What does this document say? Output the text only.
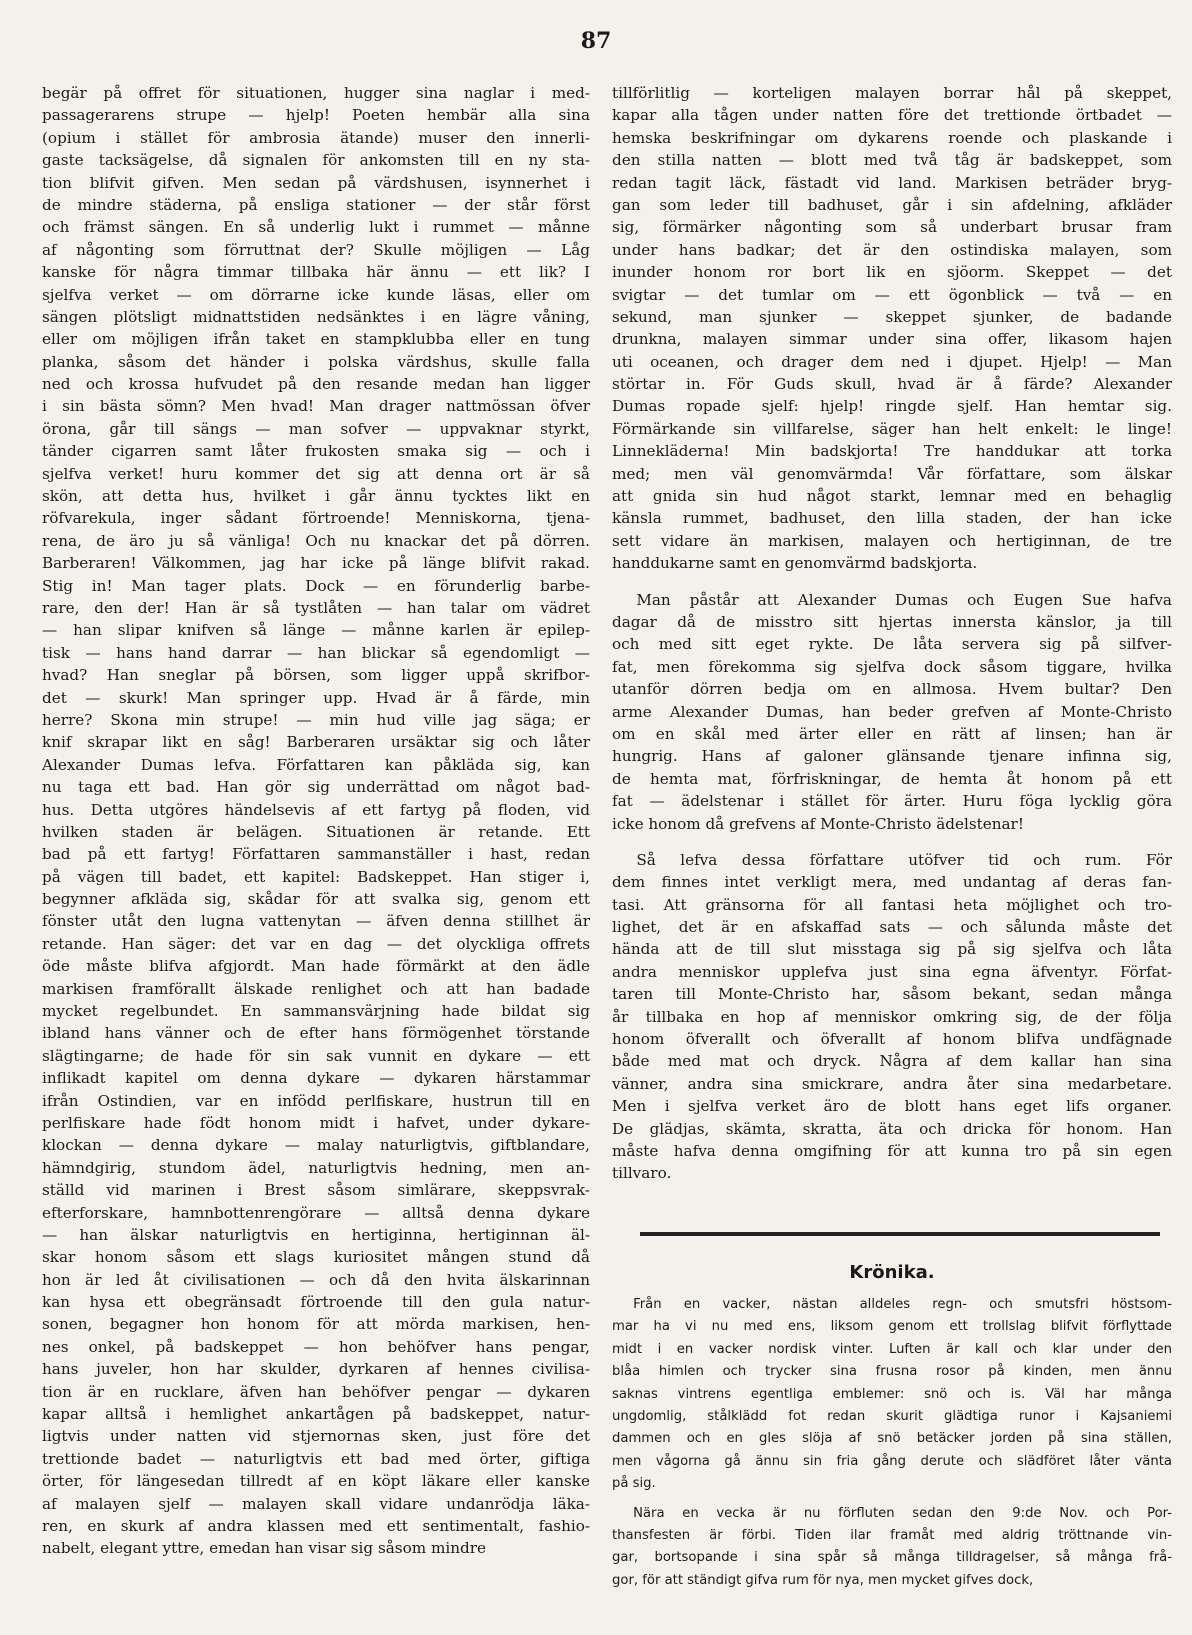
87
begär på offret för situationen, hugger sina naglar i med-
passagerarens strupe — hjelp! Poeten hembär alla sina
(opium i stället för ambrosia ätande) muser den innerli-
gaste tacksägelse, då signalen för ankomsten till en ny sta-
tion blifvit gifven. Men sedan på värdshusen, isynnerhet i
de mindre städerna, på ensliga stationer — der står först
och främst sängen. En så underlig lukt i rummet — månne
af någonting som förruttnat der? Skulle möjligen — Låg
kanske för några timmar tillbaka här ännu — ett lik? I
sjelfva verket — om dörrarne icke kunde läsas, eller om
sängen plötsligt midnattstiden nedsänktes i en lägre våning,
eller om möjligen ifrån taket en stampklubba eller en tung
planka, såsom det händer i polska värdshus, skulle falla
ned och krossa hufvudet på den resande medan han ligger
i sin bästa sömn? Men hvad! Man drager nattmössan öfver
örona, går till sängs — man sofver — uppvaknar styrkt,
tänder cigarren samt låter frukosten smaka sig — och i
sjelfva verket! huru kommer det sig att denna ort är så
skön, att detta hus, hvilket i går ännu tycktes likt en
röfvarekula, inger sådant förtroende! Menniskorna, tjena-
rena, de äro ju så vänliga! Och nu knackar det på dörren.
Barberaren! Välkommen, jag har icke på länge blifvit rakad.
Stig in! Man tager plats. Dock — en förunderlig barbe-
rare, den der! Han är så tystlåten — han talar om vädret
— han slipar knifven så länge — månne karlen är epilep-
tisk — hans hand darrar — han blickar så egendomligt —
hvad? Han sneglar på börsen, som ligger uppå skrifbor-
det — skurk! Man springer upp. Hvad är å färde, min
herre? Skona min strupe! — min hud ville jag säga; er
knif skrapar likt en såg! Barberaren ursäktar sig och låter
Alexander Dumas lefva. Författaren kan påkläda sig, kan
nu taga ett bad. Han gör sig underrättad om något bad-
hus. Detta utgöres händelsevis af ett fartyg på floden, vid
hvilken staden är belägen. Situationen är retande. Ett
bad på ett fartyg! Författaren sammanställer i hast, redan
på vägen till badet, ett kapitel: Badskeppet. Han stiger i,
begynner afkläda sig, skådar för att svalka sig, genom ett
fönster utåt den lugna vattenytan — äfven denna stillhet är
retande. Han säger: det var en dag — det olyckliga offrets
öde måste blifva afgjordt. Man hade förmärkt at den ädle
markisen framförallt älskade renlighet och att han badade
mycket regelbundet. En sammansvärjning hade bildat sig
ibland hans vänner och de efter hans förmögenhet törstande
slägtingarne; de hade för sin sak vunnit en dykare — ett
inflikadt kapitel om denna dykare — dykaren härstammar
ifrån Ostindien, var en infödd perlfiskare, hustrun till en
perlfiskare hade födt honom midt i hafvet, under dykare-
klockan — denna dykare — malay naturligtvis, giftblandare,
hämndgirig, stundom ädel, naturligtvis hedning, men an-
ställd vid marinen i Brest såsom simlärare, skeppsvrak-
efterforskare, hamnbottenrengörare — alltså denna dykare
— han älskar naturligtvis en hertiginna, hertiginnan äl-
skar honom såsom ett slags kuriositet mången stund då
hon är led åt civilisationen — och då den hvita älskarinnan
kan hysa ett obegränsadt förtroende till den gula natur-
sonen, begagner hon honom för att mörda markisen, hen-
nes onkel, på badskeppet — hon behöfver hans pengar,
hans juveler, hon har skulder, dyrkaren af hennes civilisa-
tion är en rucklare, äfven han behöfver pengar — dykaren
kapar alltså i hemlighet ankartågen på badskeppet, natur-
ligtvis under natten vid stjernornas sken, just före det
trettionde badet — naturligtvis ett bad med örter, giftiga
örter, för längesedan tillredt af en köpt läkare eller kanske
af malayen sjelf — malayen skall vidare undanrödja läka-
ren, en skurk af andra klassen med ett sentimentalt, fashio-
nabelt, elegant yttre, emedan han visar sig såsom mindre
tillförlitlig — korteligen malayen borrar hål på skeppet,
kapar alla tågen under natten före det trettionde örtbadet —
hemska beskrifningar om dykarens roende och plaskande i
den stilla natten — blott med två tåg är badskeppet, som
redan tagit läck, fästadt vid land. Markisen beträder bryg-
gan som leder till badhuset, går i sin afdelning, afkläder
sig, förmärker någonting som så underbart brusar fram
under hans badkar; det är den ostindiska malayen, som
inunder honom ror bort lik en sjöorm. Skeppet — det
svigtar — det tumlar om — ett ögonblick — två — en
sekund, man sjunker — skeppet sjunker, de badande
drunkna, malayen simmar under sina offer, likasom hajen
uti oceanen, och drager dem ned i djupet. Hjelp! — Man
störtar in. För Guds skull, hvad är å färde? Alexander
Dumas ropade sjelf: hjelp! ringde sjelf. Han hemtar sig.
Förmärkande sin villfarelse, säger han helt enkelt: le linge!
Linnekläderna! Min badskjorta! Tre handdukar att torka
med; men väl genomvärmda! Vår författare, som älskar
att gnida sin hud något starkt, lemnar med en behaglig
känsla rummet, badhuset, den lilla staden, der han icke
sett vidare än markisen, malayen och hertiginnan, de tre
handdukarne samt en genomvärmd badskjorta.
Man påstår att Alexander Dumas och Eugen Sue hafva
dagar då de misstro sitt hjertas innersta känslor, ja till
och med sitt eget rykte. De låta servera sig på silfver-
fat, men förekomma sig sjelfva dock såsom tiggare, hvilka
utanför dörren bedja om en allmosa. Hvem bultar? Den
arme Alexander Dumas, han beder grefven af Monte-Christo
om en skål med ärter eller en rätt af linsen; han är
hungrig. Hans af galoner glänsande tjenare infinna sig,
de hemta mat, förfriskningar, de hemta åt honom på ett
fat — ädelstenar i stället för ärter. Huru föga lycklig göra
icke honom då grefvens af Monte-Christo ädelstenar!
Så lefva dessa författare utöfver tid och rum. För
dem finnes intet verkligt mera, med undantag af deras fan-
tasi. Att gränsorna för all fantasi heta möjlighet och tro-
lighet, det är en afskaffad sats — och sålunda måste det
hända att de till slut misstaga sig på sig sjelfva och låta
andra menniskor upplefva just sina egna äfventyr. Förfat-
taren till Monte-Christo har, såsom bekant, sedan många
år tillbaka en hop af menniskor omkring sig, de der följa
honom öfverallt och öfverallt af honom blifva undfägnade
både med mat och dryck. Några af dem kallar han sina
vänner, andra sina smickrare, andra åter sina medarbetare.
Men i sjelfva verket äro de blott hans eget lifs organer.
De glädjas, skämta, skratta, äta och dricka för honom. Han
måste hafva denna omgifning för att kunna tro på sin egen
tillvaro.
Krönika.
Från en vacker, nästan alldeles regn- och smutsfri höstsom-
mar ha vi nu med ens, liksom genom ett trollslag blifvit förflyttade
midt i en vacker nordisk vinter. Luften är kall och klar under den
blåa himlen och trycker sina frusna rosor på kinden, men ännu
saknas vintrens egentliga emblemer: snö och is. Väl har många
ungdomlig, stålklädd fot redan skurit glädtiga runor i Kajsaniemi
dammen och en gles slöja af snö betäcker jorden på sina ställen,
men vågorna gå ännu sin fria gång derute och slädföret låter vänta
på sig.
Nära en vecka är nu förfluten sedan den 9:de Nov. och Por-
thansfesten är förbi. Tiden ilar framåt med aldrig tröttnande vin-
gar, bortsopande i sina spår så många tilldragelser, så många frå-
gor, för att ständigt gifva rum för nya, men mycket gifves dock,
